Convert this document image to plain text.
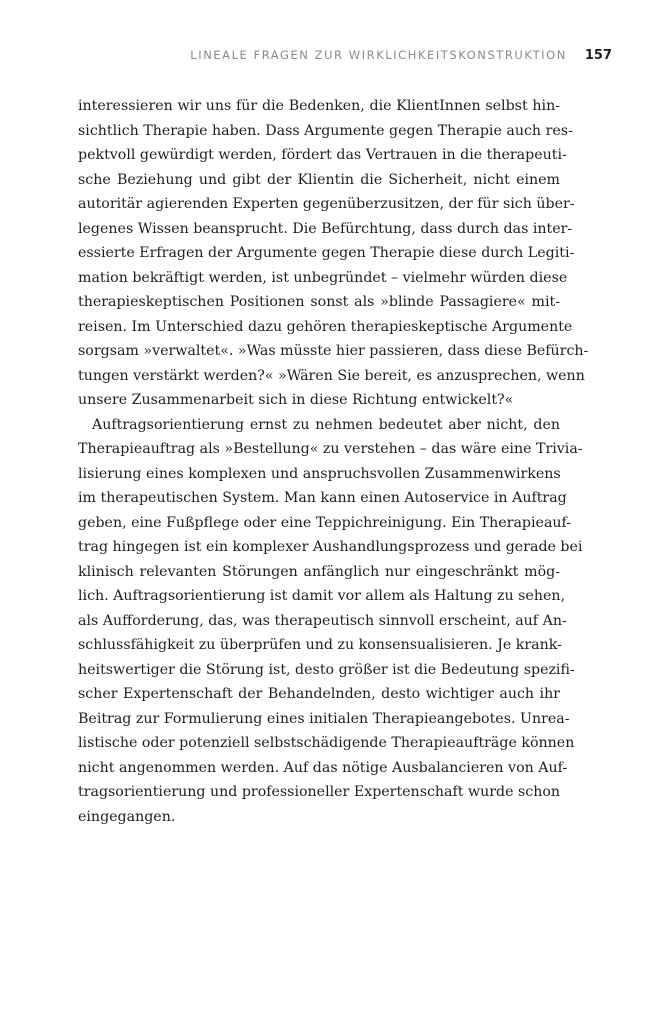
LINEALE FRAGEN ZUR WIRKLICHKEITSKONSTRUKTION 157
interessieren wir uns für die Bedenken, die KlientInnen selbst hin-
sichtlich Therapie haben. Dass Argumente gegen Therapie auch res-
pektvoll gewürdigt werden, fördert das Vertrauen in die therapeuti-
sche Beziehung und gibt der Klientin die Sicherheit, nicht einem
autoritär agierenden Experten gegenüberzusitzen, der für sich über-
legenes Wissen beansprucht. Die Befürchtung, dass durch das inter-
essierte Erfragen der Argumente gegen Therapie diese durch Legiti-
mation bekräftigt werden, ist unbegründet – vielmehr würden diese
therapieskeptischen Positionen sonst als »blinde Passagiere« mit-
reisen. Im Unterschied dazu gehören therapieskeptische Argumente
sorgsam »verwaltet«. »Was müsste hier passieren, dass diese Befürch-
tungen verstärkt werden?« »Wären Sie bereit, es anzusprechen, wenn
unsere Zusammenarbeit sich in diese Richtung entwickelt?«
Auftragsorientierung ernst zu nehmen bedeutet aber nicht, den
Therapieauftrag als »Bestellung« zu verstehen – das wäre eine Trivia-
lisierung eines komplexen und anspruchsvollen Zusammenwirkens
im therapeutischen System. Man kann einen Autoservice in Auftrag
geben, eine Fußpflege oder eine Teppichreinigung. Ein Therapieauf-
trag hingegen ist ein komplexer Aushandlungsprozess und gerade bei
klinisch relevanten Störungen anfänglich nur eingeschränkt mög-
lich. Auftragsorientierung ist damit vor allem als Haltung zu sehen,
als Aufforderung, das, was therapeutisch sinnvoll erscheint, auf An-
schlussfähigkeit zu überprüfen und zu konsensualisieren. Je krank-
heitswertiger die Störung ist, desto größer ist die Bedeutung spezifi-
scher Expertenschaft der Behandelnden, desto wichtiger auch ihr
Beitrag zur Formulierung eines initialen Therapieangebotes. Unrea-
listische oder potenziell selbstschädigende Therapieaufträge können
nicht angenommen werden. Auf das nötige Ausbalancieren von Auf-
tragsorientierung und professioneller Expertenschaft wurde schon
eingegangen.
